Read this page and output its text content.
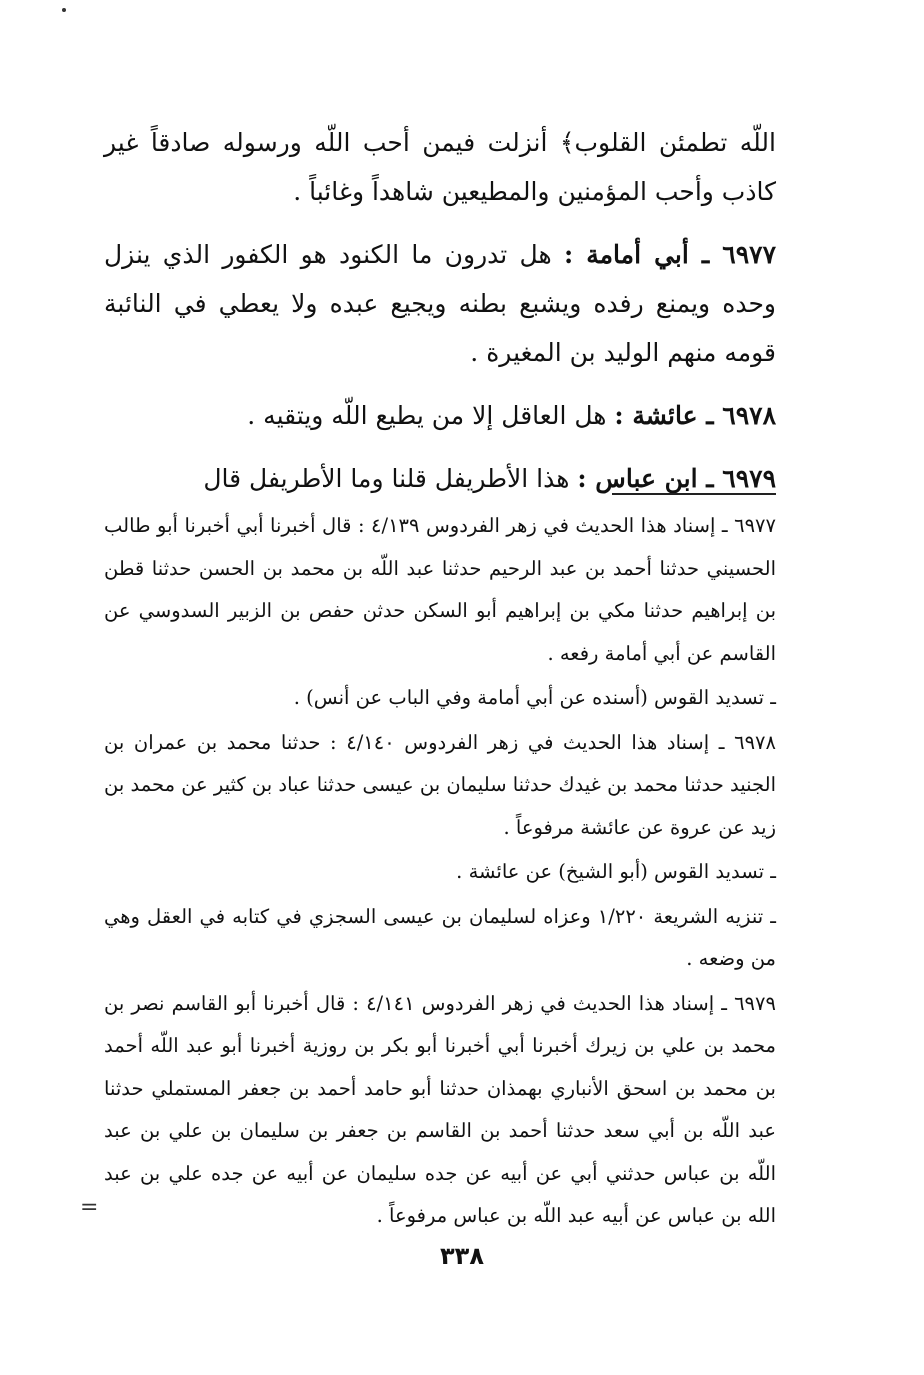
اللّه تطمئن القلوب﴾ أنزلت فيمن أحب اللّه ورسوله صادقاً غير كاذب وأحب المؤمنين والمطيعين شاهداً وغائباً .

٦٩٧٧ ـ أبي أمامة : هل تدرون ما الكنود هو الكفور الذي ينزل وحده ويمنع رفده ويشبع بطنه ويجيع عبده ولا يعطي في النائبة قومه منهم الوليد بن المغيرة .

٦٩٧٨ ـ عائشة : هل العاقل إلا من يطيع اللّه ويتقيه .

٦٩٧٩ ـ ابن عباس : هذا الأطريفل قلنا وما الأطريفل قال

٦٩٧٧ ـ إسناد هذا الحديث في زهر الفردوس ٤/١٣٩ : قال أخبرنا أبي أخبرنا أبو طالب الحسيني حدثنا أحمد بن عبد الرحيم حدثنا عبد اللّه بن محمد بن الحسن حدثنا قطن بن إبراهيم حدثنا مكي بن إبراهيم أبو السكن حدثن حفص بن الزبير السدوسي عن القاسم عن أبي أمامة رفعه .

ـ تسديد القوس (أسنده عن أبي أمامة وفي الباب عن أنس) .

٦٩٧٨ ـ إسناد هذا الحديث في زهر الفردوس ٤/١٤٠ : حدثنا محمد بن عمران بن الجنيد حدثنا محمد بن غيدك حدثنا سليمان بن عيسى حدثنا عباد بن كثير عن محمد بن زيد عن عروة عن عائشة مرفوعاً .

ـ تسديد القوس (أبو الشيخ) عن عائشة .

ـ تنزيه الشريعة ١/٢٢٠ وعزاه لسليمان بن عيسى السجزي في كتابه في العقل وهي من وضعه .

٦٩٧٩ ـ إسناد هذا الحديث في زهر الفردوس ٤/١٤١ : قال أخبرنا أبو القاسم نصر بن محمد بن علي بن زيرك أخبرنا أبي أخبرنا أبو بكر بن روزية أخبرنا أبو عبد اللّه أحمد بن محمد بن اسحق الأنباري بهمذان حدثنا أبو حامد أحمد بن جعفر المستملي حدثنا عبد اللّه بن أبي سعد حدثنا أحمد بن القاسم بن جعفر بن سليمان بن علي بن عبد اللّه بن عباس حدثني أبي عن أبيه عن جده سليمان عن أبيه عن جده علي بن عبد الله بن عباس عن أبيه عبد اللّه بن عباس مرفوعاً .

=
٣٣٨
